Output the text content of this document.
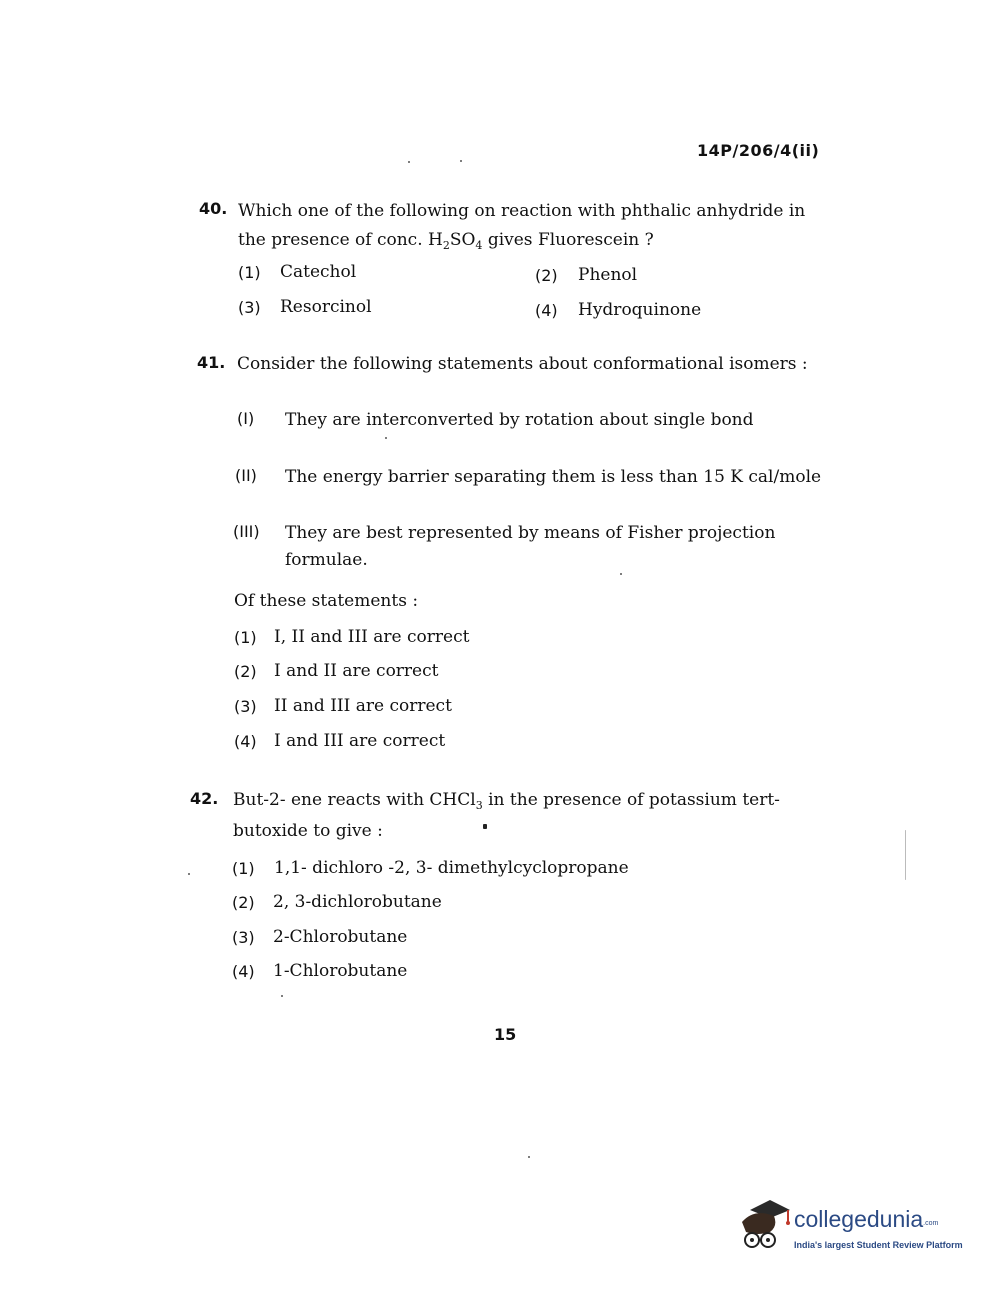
14P/206/4(ii)
40. Which one of the following on reaction with phthalic anhydride in
the presence of conc. $H_2SO_4$ gives Fluorescein ?
(1) Catechol	(2) Phenol
(3) Resorcinol	(4) Hydroquinone
41. Consider the following statements about conformational isomers :
(I) They are interconverted by rotation about single bond
(II) The energy barrier separating them is less than 15 K cal/mole
(III) They are best represented by means of Fisher projection
formulae.
Of these statements :
(1) I, II and III are correct
(2) I and II are correct
(3) II and III are correct
(4) I and III are correct
42. But-2- ene reacts with CHCl$_3$ in the presence of potassium tert-
butoxide to give :
(1) 1,1- dichloro -2, 3- dimethylcyclopropane
(2) 2, 3-dichlorobutane
(3) 2-Chlorobutane
(4) 1-Chlorobutane
15
collegedunia.com
India's largest Student Review Platform
